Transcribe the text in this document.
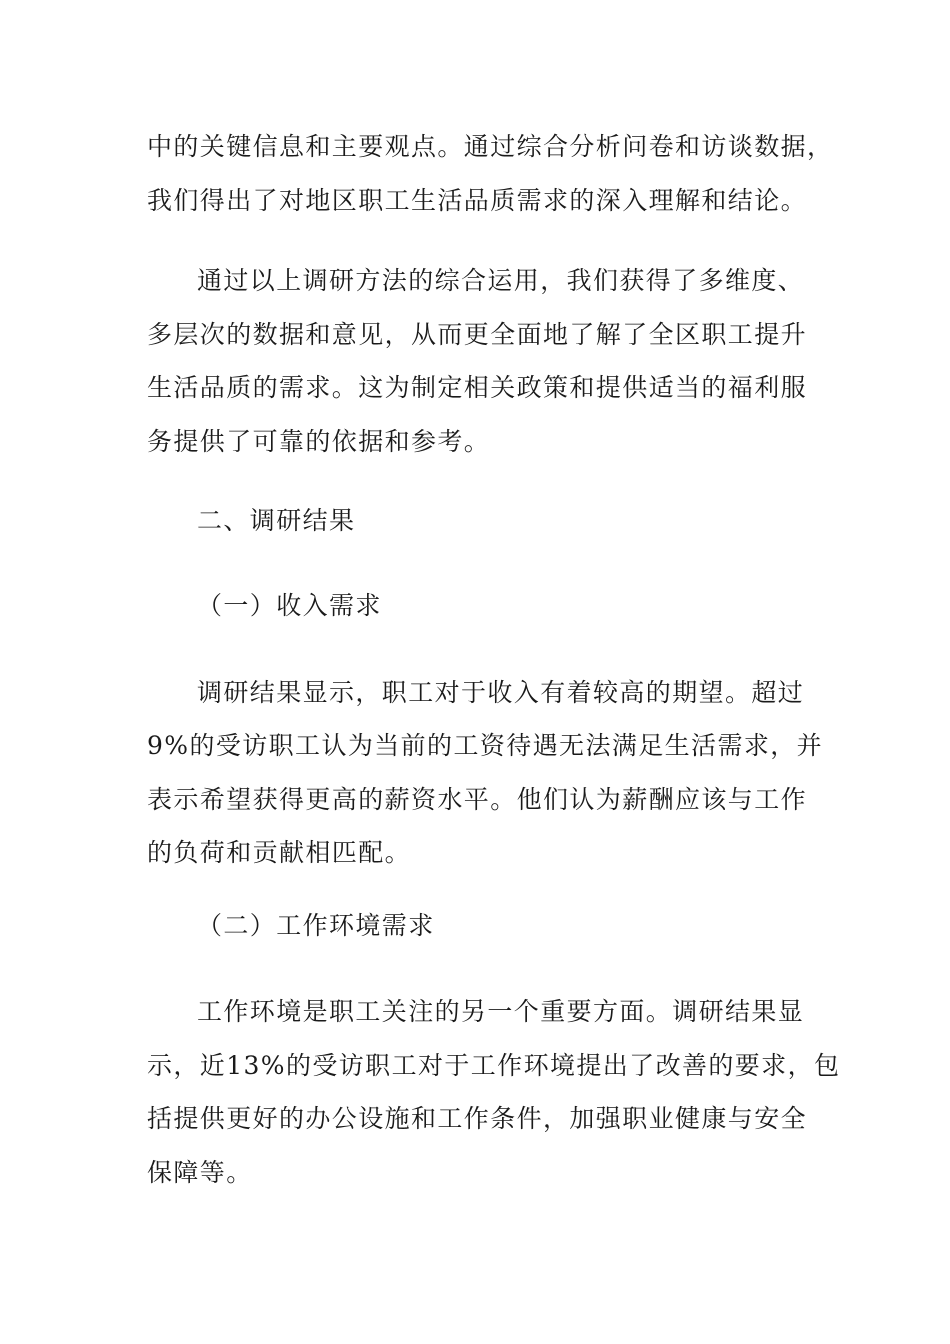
中的关键信息和主要观点。通过综合分析问卷和访谈数据，
我们得出了对地区职工生活品质需求的深入理解和结论。
通过以上调研方法的综合运用，我们获得了多维度、
多层次的数据和意见，从而更全面地了解了全区职工提升
生活品质的需求。这为制定相关政策和提供适当的福利服
务提供了可靠的依据和参考。
二、调研结果
（一）收入需求
调研结果显示，职工对于收入有着较高的期望。超过
9%的受访职工认为当前的工资待遇无法满足生活需求，并
表示希望获得更高的薪资水平。他们认为薪酬应该与工作
的负荷和贡献相匹配。
（二）工作环境需求
工作环境是职工关注的另一个重要方面。调研结果显
示，近13%的受访职工对于工作环境提出了改善的要求，包
括提供更好的办公设施和工作条件，加强职业健康与安全
保障等。
